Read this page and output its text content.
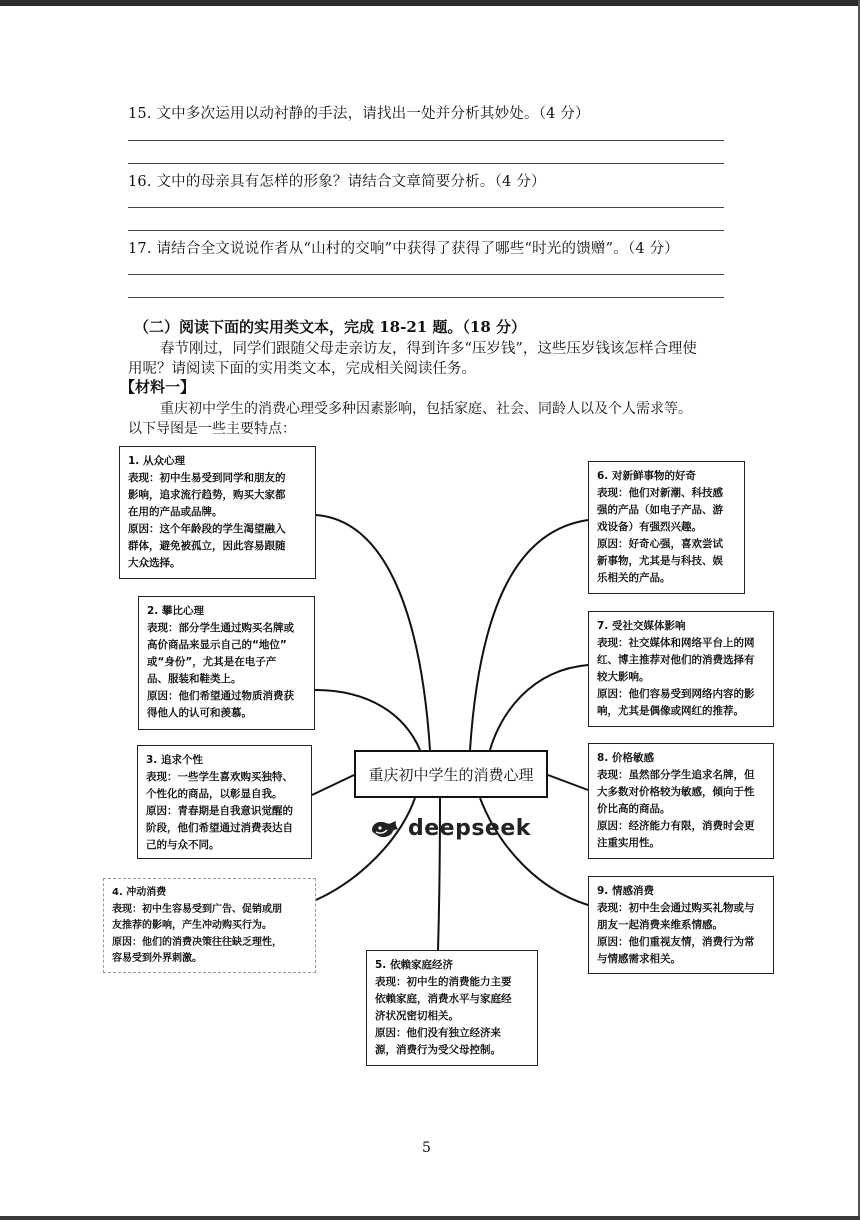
15. 文中多次运用以动衬静的手法，请找出一处并分析其妙处。（4 分）
16. 文中的母亲具有怎样的形象？请结合文章简要分析。（4 分）
17. 请结合全文说说作者从“山村的交响”中获得了获得了哪些“时光的馈赠”。（4 分）
（二）阅读下面的实用类文本，完成 18-21 题。（18 分）
春节刚过，同学们跟随父母走亲访友，得到许多“压岁钱”，这些压岁钱该怎样合理使
用呢？请阅读下面的实用类文本，完成相关阅读任务。
【材料一】
重庆初中学生的消费心理受多种因素影响，包括家庭、社会、同龄人以及个人需求等。
以下导图是一些主要特点：
1. 从众心理
表现：初中生易受到同学和朋友的
影响，追求流行趋势，购买大家都
在用的产品或品牌。
原因：这个年龄段的学生渴望融入
群体，避免被孤立，因此容易跟随
大众选择。
2. 攀比心理
表现：部分学生通过购买名牌或
高价商品来显示自己的“地位”
或“身份”，尤其是在电子产
品、服装和鞋类上。
原因：他们希望通过物质消费获
得他人的认可和羡慕。
3. 追求个性
表现：一些学生喜欢购买独特、
个性化的商品，以彰显自我。
原因：青春期是自我意识觉醒的
阶段，他们希望通过消费表达自
己的与众不同。
4. 冲动消费
表现：初中生容易受到广告、促销或朋
友推荐的影响，产生冲动购买行为。
原因：他们的消费决策往往缺乏理性，
容易受到外界刺激。
5. 依赖家庭经济
表现：初中生的消费能力主要
依赖家庭，消费水平与家庭经
济状况密切相关。
原因：他们没有独立经济来
源，消费行为受父母控制。
6. 对新鲜事物的好奇
表现：他们对新潮、科技感
强的产品（如电子产品、游
戏设备）有强烈兴趣。
原因：好奇心强，喜欢尝试
新事物，尤其是与科技、娱
乐相关的产品。
7. 受社交媒体影响
表现：社交媒体和网络平台上的网
红、博主推荐对他们的消费选择有
较大影响。
原因：他们容易受到网络内容的影
响，尤其是偶像或网红的推荐。
8. 价格敏感
表现：虽然部分学生追求名牌，但
大多数对价格较为敏感，倾向于性
价比高的商品。
原因：经济能力有限，消费时会更
注重实用性。
9. 情感消费
表现：初中生会通过购买礼物或与
朋友一起消费来维系情感。
原因：他们重视友情，消费行为常
与情感需求相关。
重庆初中学生的消费心理
deepseek
5
